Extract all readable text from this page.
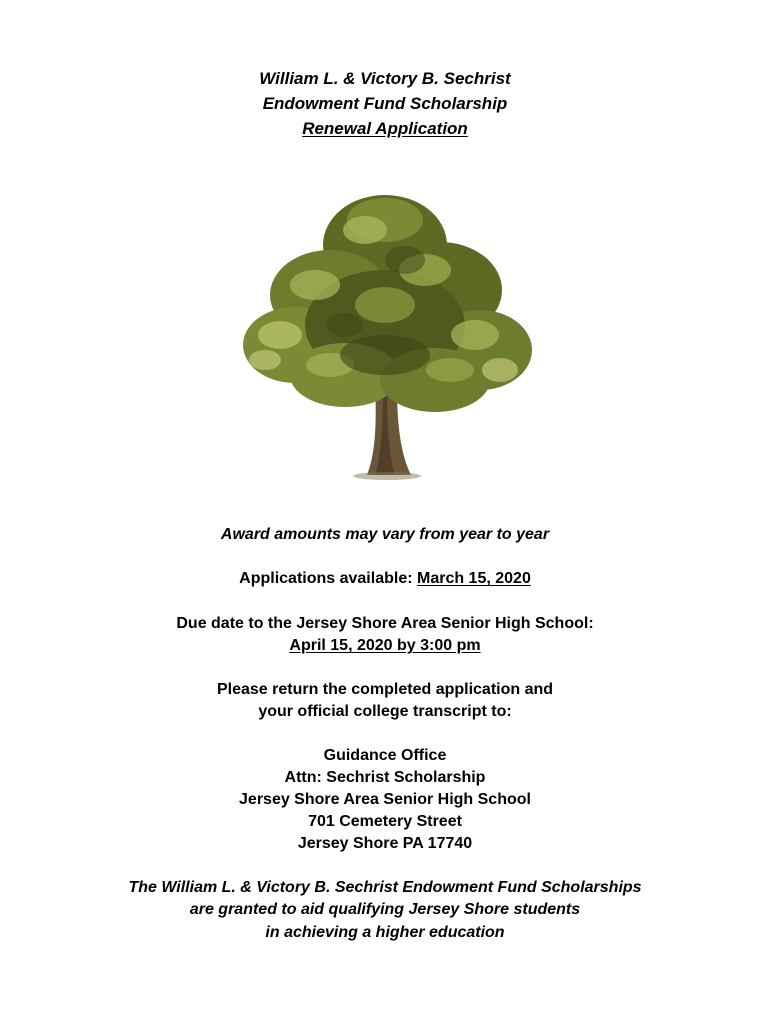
William L. & Victory B. Sechrist
Endowment Fund Scholarship
Renewal Application
Award amounts may vary from year to year
Applications available: March 15, 2020
Due date to the Jersey Shore Area Senior High School:
April 15, 2020 by 3:00 pm
Please return the completed application and
your official college transcript to:
Guidance Office
Attn: Sechrist Scholarship
Jersey Shore Area Senior High School
701 Cemetery Street
Jersey Shore PA 17740
The William L. & Victory B. Sechrist Endowment Fund Scholarships
are granted to aid qualifying Jersey Shore students
in achieving a higher education
